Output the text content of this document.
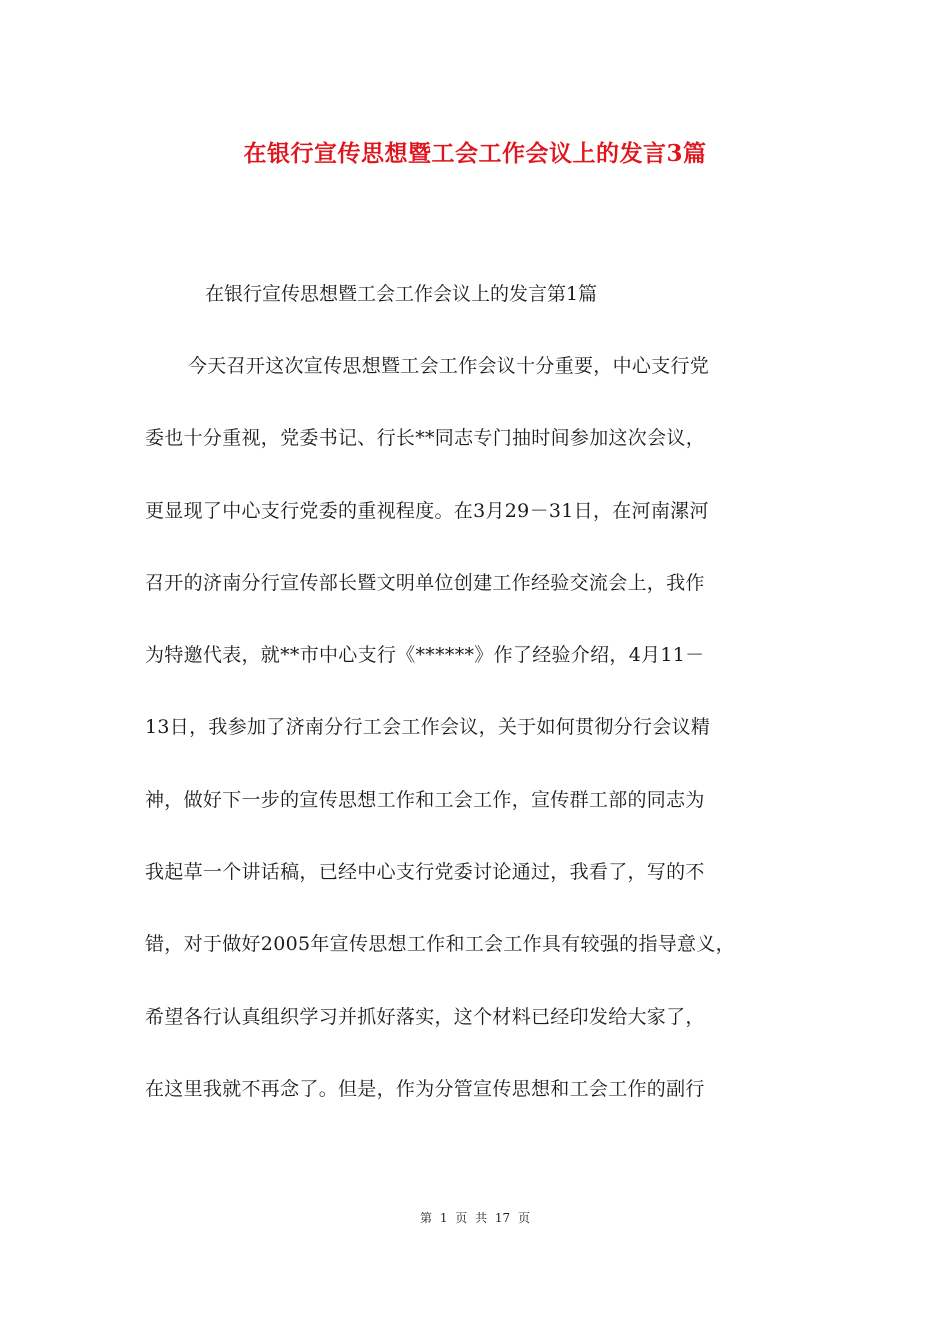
在银行宣传思想暨工会工作会议上的发言3篇
在银行宣传思想暨工会工作会议上的发言第1篇
今天召开这次宣传思想暨工会工作会议十分重要，中心支行党
委也十分重视，党委书记、行长**同志专门抽时间参加这次会议，
更显现了中心支行党委的重视程度。在3月29－31日，在河南漯河
召开的济南分行宣传部长暨文明单位创建工作经验交流会上，我作
为特邀代表，就**市中心支行《******》作了经验介绍，4月11－
13日，我参加了济南分行工会工作会议，关于如何贯彻分行会议精
神，做好下一步的宣传思想工作和工会工作，宣传群工部的同志为
我起草一个讲话稿，已经中心支行党委讨论通过，我看了，写的不
错，对于做好2005年宣传思想工作和工会工作具有较强的指导意义，
希望各行认真组织学习并抓好落实，这个材料已经印发给大家了，
在这里我就不再念了。但是，作为分管宣传思想和工会工作的副行
第 1 页 共 17 页
